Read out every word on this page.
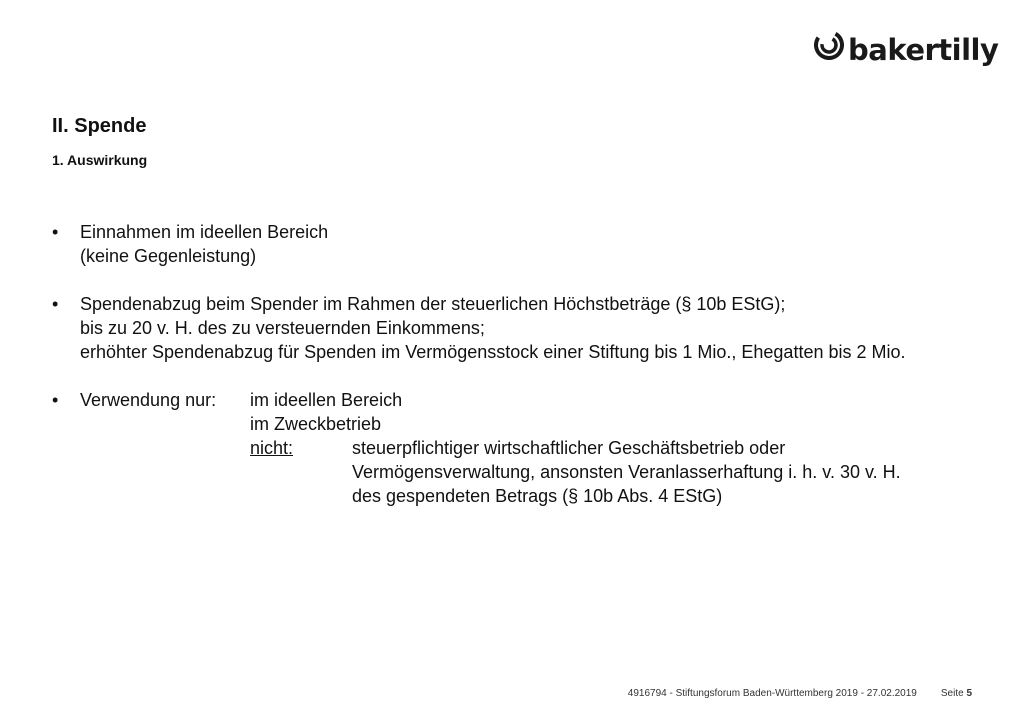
bakertilly
II. Spende
1. Auswirkung
•	Einnahmen im ideellen Bereich
(keine Gegenleistung)
•	Spendenabzug beim Spender im Rahmen der steuerlichen Höchstbeträge (§ 10b EStG);
bis zu 20 v. H. des zu versteuernden Einkommens;
erhöhter Spendenabzug für Spenden im Vermögensstock einer Stiftung bis 1 Mio., Ehegatten bis 2 Mio.
•	Verwendung nur:	im ideellen Bereich
im Zweckbetrieb
nicht:	steuerpflichtiger wirtschaftlicher Geschäftsbetrieb oder
Vermögensverwaltung, ansonsten Veranlasserhaftung i. h. v. 30 v. H.
des gespendeten Betrags (§ 10b Abs. 4 EStG)
4916794 - Stiftungsforum Baden-Württemberg 2019 - 27.02.2019 Seite 5
